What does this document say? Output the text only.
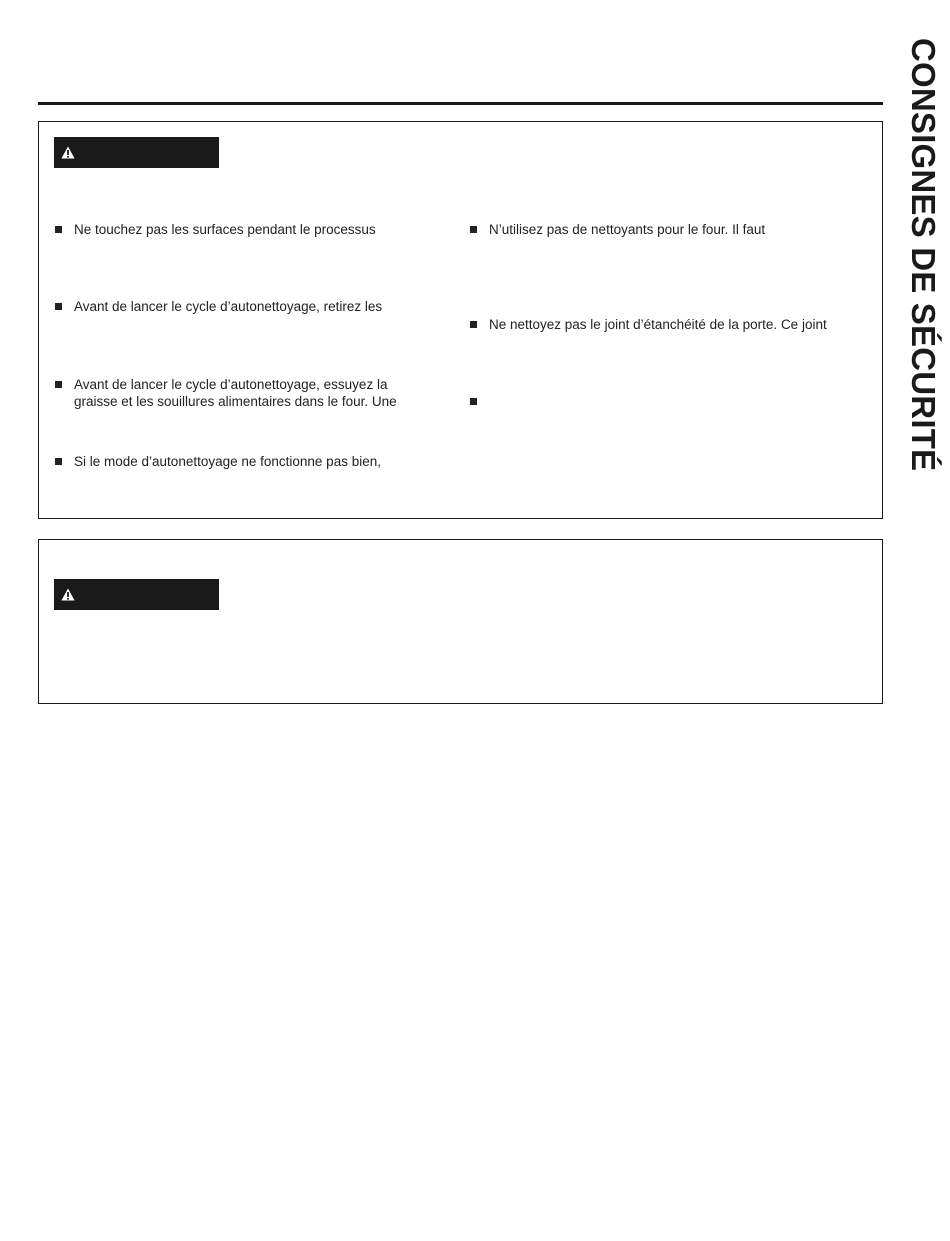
CONSIGNES DE SÉCURITÉ
Ne touchez pas les surfaces pendant le processus
Avant de lancer le cycle d’autonettoyage, retirez les
Avant de lancer le cycle d’autonettoyage, essuyez la
graisse et les souillures alimentaires dans le four. Une
Si le mode d’autonettoyage ne fonctionne pas bien,
N’utilisez pas de nettoyants pour le four. Il faut
Ne nettoyez pas le joint d’étanchéité de la porte. Ce joint
